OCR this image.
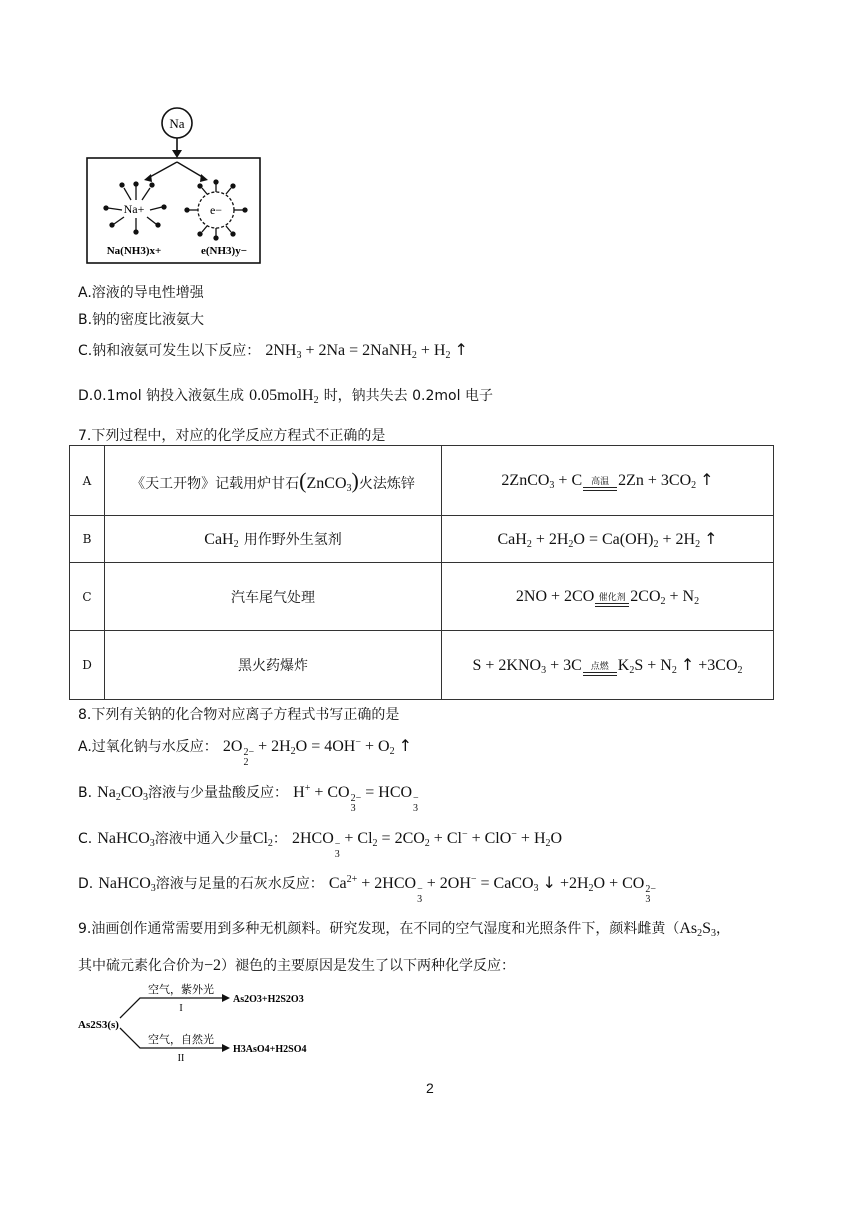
Na
Na+	e−
Na(NH3)x+	e(NH3)y−
A.溶液的导电性增强
B.钠的密度比液氨大
C.钠和液氨可发生以下反应： $2NH_3 + 2Na$ = 2NaNH$_2$ + $H_2$ ↑
D.0.1mol 钠投入液氨生成 0.05molH$_2$ 时，钠共失去 0.2mol 电子
7.下列过程中，对应的化学反应方程式不正确的是
A	《天工开物》记载用炉甘石(ZnCO$_3$)火法炼锌	2ZnCO$_3$ + C 高温 $2Zn + 3CO_2$ ↑
B	CaH$_2$ 用作野外生氢剂	$CaH_2 + 2H_2O = Ca(OH)_2 + 2H_2$ ↑
C	汽车尾气处理	2NO + 2CO 催化剂 $2CO_2 + N_2$
D	黑火药爆炸	$S + 2KNO_3 + 3C$ 点燃 $K_2S + N_2$ ↑ $+3CO_2$
8.下列有关钠的化合物对应离子方程式书写正确的是
A.过氧化钠与水反应： 2O 2−
2
+ $2H_2O = 4OH^- + O_2$ ↑
B. $Na_2CO_3$溶液与少量盐酸反应： H+ + CO 2−
3
= HCO −
3
C. NaHCO$_3$溶液中通入少量$Cl_2$： 2HCO −
3
+ $Cl_2 = 2CO_2 + Cl^- + ClO^- + H_2O$
D. NaHCO$_3$溶液与足量的石灰水反应： $Ca^{2+} + 2HCO$ −
3
+ 2OH− = CaCO$_3$ ↓ $+2H_2O$ + CO 2−
3
9.油画创作通常需要用到多种无机颜料。研究发现，在不同的空气湿度和光照条件下，颜料雌黄（$As_2S_3$，
其中硫元素化合价为−2）褪色的主要原因是发生了以下两种化学反应：
As2S3(s)
空气，紫外光
I
As2O3+H2S2O3
空气，自然光
II
H3AsO4+H2SO4
2
